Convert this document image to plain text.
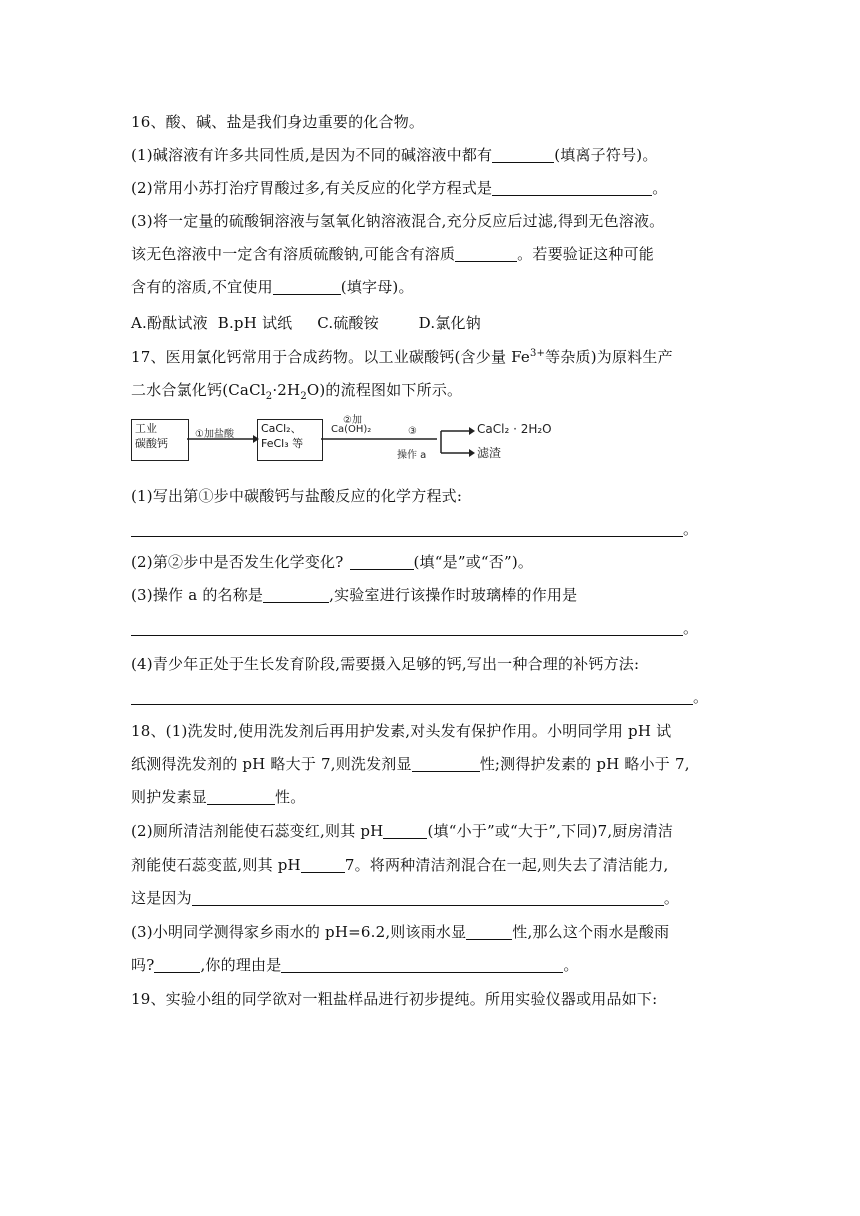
16、酸、碱、盐是我们身边重要的化合物。
(1)碱溶液有许多共同性质,是因为不同的碱溶液中都有	(填离子符号)。
(2)常用小苏打治疗胃酸过多,有关反应的化学方程式是	。
(3)将一定量的硫酸铜溶液与氢氧化钠溶液混合,充分反应后过滤,得到无色溶液。
该无色溶液中一定含有溶质硫酸钠,可能含有溶质	。若要验证这种可能
含有的溶质,不宜使用	(填字母)。
A.酚酞试液  B.pH 试纸     C.硫酸铵        D.氯化钠
17、医用氯化钙常用于合成药物。以工业碳酸钙(含少量 $Fe^{3+}$等杂质)为原料生产
二水合氯化钙$(CaCl_2\cdot 2H_2O)$的流程图如下所示。
工业
碳酸钙
①加盐酸 CaCl₂、
FeCl₃ 等
②加
Ca(OH)₂	③
操作 a
CaCl₂ · 2H₂O
滤渣
(1)写出第①步中碳酸钙与盐酸反应的化学方程式:
。
(2)第②步中是否发生化学变化?	(填“是”或“否”)。
(3)操作 a 的名称是	,实验室进行该操作时玻璃棒的作用是
。
(4)青少年正处于生长发育阶段,需要摄入足够的钙,写出一种合理的补钙方法:
。
18、(1)洗发时,使用洗发剂后再用护发素,对头发有保护作用。小明同学用 pH 试
纸测得洗发剂的 pH 略大于 7,则洗发剂显	性;测得护发素的 pH 略小于 7,
则护发素显	性。
(2)厕所清洁剂能使石蕊变红,则其 pH	(填“小于”或“大于”,下同)7,厨房清洁
剂能使石蕊变蓝,则其 pH	7。将两种清洁剂混合在一起,则失去了清洁能力,
这是因为	。
(3)小明同学测得家乡雨水的 pH=6.2,则该雨水显	性,那么这个雨水是酸雨
吗?	,你的理由是	。
19、实验小组的同学欲对一粗盐样品进行初步提纯。所用实验仪器或用品如下:
